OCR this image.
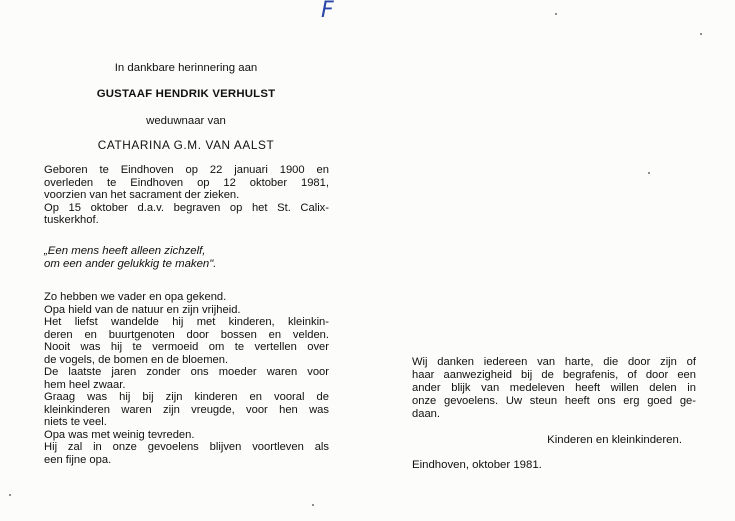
F
In dankbare herinnering aan
GUSTAAF HENDRIK VERHULST
weduwnaar van
CATHARINA G.M. VAN AALST
Geboren te Eindhoven op 22 januari 1900 en
overleden te Eindhoven op 12 oktober 1981,
voorzien van het sacrament der zieken.
Op 15 oktober d.a.v. begraven op het St. Calix-
tuskerkhof.
„Een mens heeft alleen zichzelf,
om een ander gelukkig te maken".
Zo hebben we vader en opa gekend.
Opa hield van de natuur en zijn vrijheid.
Het liefst wandelde hij met kinderen, kleinkin-
deren en buurtgenoten door bossen en velden.
Nooit was hij te vermoeid om te vertellen over
de vogels, de bomen en de bloemen.
De laatste jaren zonder ons moeder waren voor
hem heel zwaar.
Graag was hij bij zijn kinderen en vooral de
kleinkinderen waren zijn vreugde, voor hen was
niets te veel.
Opa was met weinig tevreden.
Hij zal in onze gevoelens blijven voortleven als
een fijne opa.
Wij danken iedereen van harte, die door zijn of
haar aanwezigheid bij de begrafenis, of door een
ander blijk van medeleven heeft willen delen in
onze gevoelens. Uw steun heeft ons erg goed ge-
daan.
Kinderen en kleinkinderen.
Eindhoven, oktober 1981.
